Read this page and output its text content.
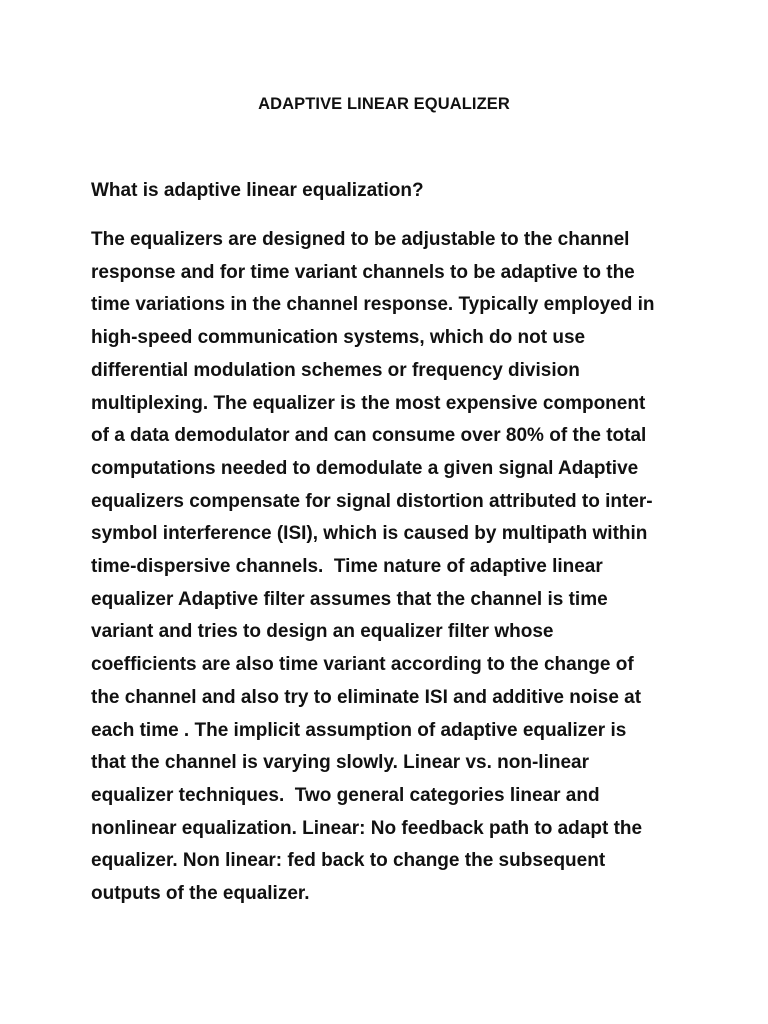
ADAPTIVE LINEAR EQUALIZER
What is adaptive linear equalization?
The equalizers are designed to be adjustable to the channel
response and for time variant channels to be adaptive to the
time variations in the channel response. Typically employed in
high-speed communication systems, which do not use
differential modulation schemes or frequency division
multiplexing. The equalizer is the most expensive component
of a data demodulator and can consume over 80% of the total
computations needed to demodulate a given signal Adaptive
equalizers compensate for signal distortion attributed to inter-
symbol interference (ISI), which is caused by multipath within
time-dispersive channels.  Time nature of adaptive linear
equalizer Adaptive filter assumes that the channel is time
variant and tries to design an equalizer filter whose
coefficients are also time variant according to the change of
the channel and also try to eliminate ISI and additive noise at
each time . The implicit assumption of adaptive equalizer is
that the channel is varying slowly. Linear vs. non-linear
equalizer techniques.  Two general categories linear and
nonlinear equalization. Linear: No feedback path to adapt the
equalizer. Non linear: fed back to change the subsequent
outputs of the equalizer.
